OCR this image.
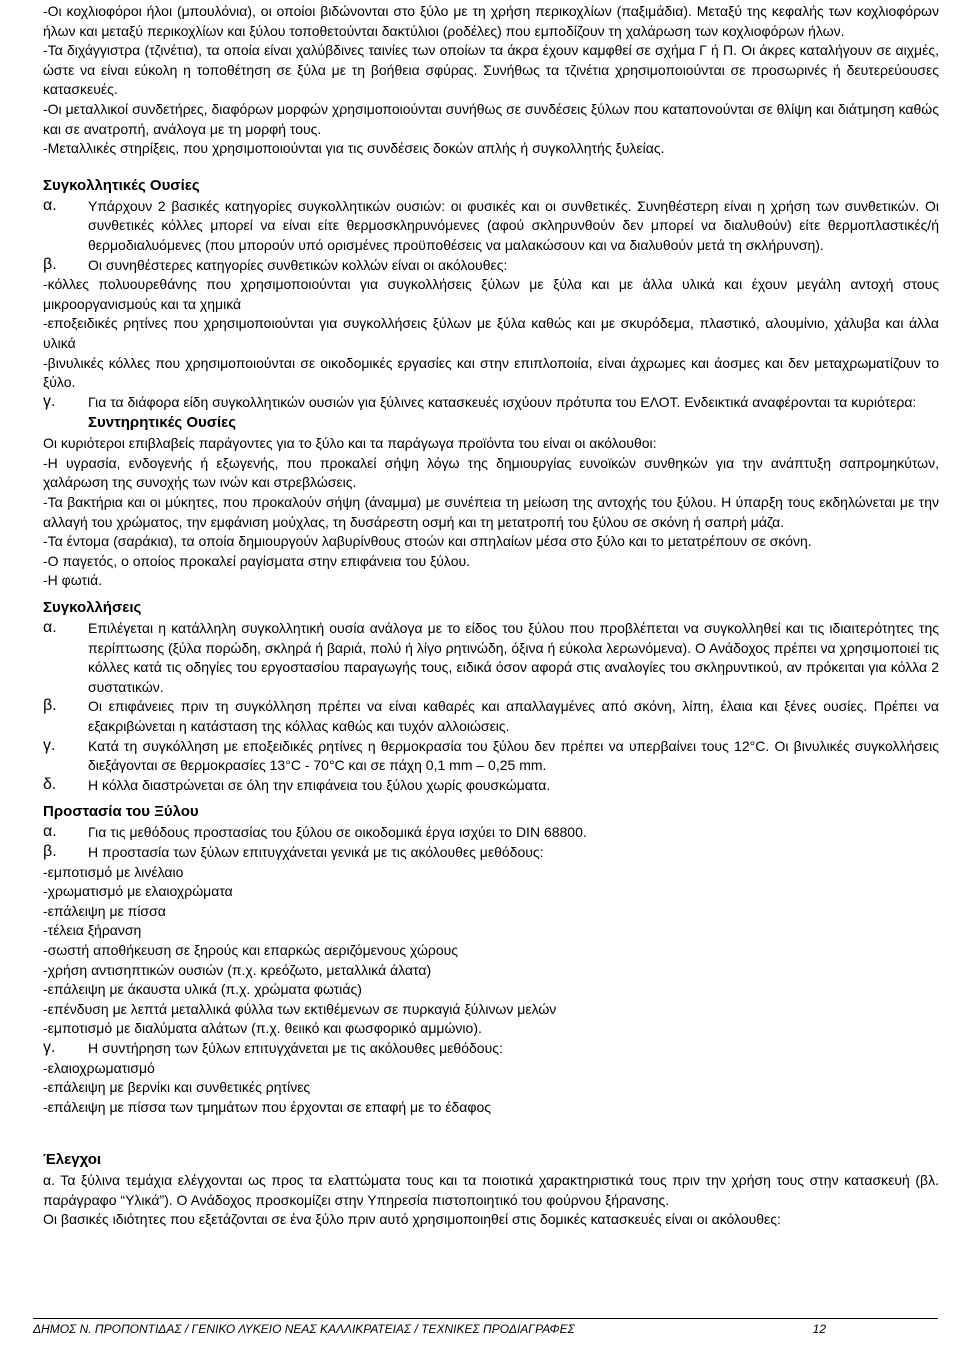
-Οι κοχλιοφόροι ήλοι (μπουλόνια), οι οποίοι βιδώνονται στο ξύλο με τη χρήση περικοχλίων (παξιμάδια). Μεταξύ της κεφαλής των κοχλιοφόρων ήλων και μεταξύ περικοχλίων και ξύλου τοποθετούνται δακτύλιοι (ροδέλες) που εμποδίζουν τη χαλάρωση των κοχλιοφόρων ήλων.

-Τα διχάγγιστρα (τζινέτια), τα οποία είναι χαλύβδινες ταινίες των οποίων τα άκρα έχουν καμφθεί σε σχήμα Γ ή Π. Οι άκρες καταλήγουν σε αιχμές, ώστε να είναι εύκολη η τοποθέτηση σε ξύλα με τη βοήθεια σφύρας. Συνήθως τα τζινέτια χρησιμοποιούνται σε προσωρινές ή δευτερεύουσες κατασκευές.

-Οι μεταλλικοί συνδετήρες, διαφόρων μορφών χρησιμοποιούνται συνήθως σε συνδέσεις ξύλων που καταπονούνται σε θλίψη και διάτμηση καθώς και σε ανατροπή, ανάλογα με τη μορφή τους.

-Μεταλλικές στηρίξεις, που χρησιμοποιούνται για τις συνδέσεις δοκών απλής ή συγκολλητής ξυλείας.

Συγκολλητικές Ουσίες
α.	Υπάρχουν 2 βασικές κατηγορίες συγκολλητικών ουσιών: οι φυσικές και οι συνθετικές. Συνηθέστερη είναι η χρήση των συνθετικών. Οι συνθετικές κόλλες μπορεί να είναι είτε θερμοσκληρυνόμενες (αφού σκληρυνθούν δεν μπορεί να διαλυθούν) είτε θερμοπλαστικές/ή θερμοδιαλυόμενες (που μπορούν υπό ορισμένες προϋποθέσεις να μαλακώσουν και να διαλυθούν μετά τη σκλήρυνση).

β.	Οι συνηθέστερες κατηγορίες συνθετικών κολλών είναι οι ακόλουθες:

-κόλλες πολυουρεθάνης που χρησιμοποιούνται για συγκολλήσεις ξύλων με ξύλα και με άλλα υλικά και έχουν μεγάλη αντοχή στους μικροοργανισμούς και τα χημικά

-εποξειδικές ρητίνες που χρησιμοποιούνται για συγκολλήσεις ξύλων με ξύλα καθώς και με σκυρόδεμα, πλαστικό, αλουμίνιο, χάλυβα και άλλα υλικά

-βινυλικές κόλλες που χρησιμοποιούνται σε οικοδομικές εργασίες και στην επιπλοποιία, είναι άχρωμες και άοσμες και δεν μεταχρωματίζουν το ξύλο.

γ.	Για τα διάφορα είδη συγκολλητικών ουσιών για ξύλινες κατασκευές ισχύουν πρότυπα του ΕΛΟΤ. Ενδεικτικά αναφέρονται τα κυριότερα:

Συντηρητικές Ουσίες

Οι κυριότεροι επιβλαβείς παράγοντες για το ξύλο και τα παράγωγα προϊόντα του είναι οι ακόλουθοι:

-Η υγρασία, ενδογενής ή εξωγενής, που προκαλεί σήψη λόγω της δημιουργίας ευνοϊκών συνθηκών για την ανάπτυξη σαπρομηκύτων, χαλάρωση της συνοχής των ινών και στρεβλώσεις.

-Τα βακτήρια και οι μύκητες, που προκαλούν σήψη (άναμμα) με συνέπεια τη μείωση της αντοχής του ξύλου. Η ύπαρξη τους εκδηλώνεται με την αλλαγή του χρώματος, την εμφάνιση μούχλας, τη δυσάρεστη οσμή και τη μετατροπή του ξύλου σε σκόνη ή σαπρή μάζα.

-Τα έντομα (σαράκια), τα οποία δημιουργούν λαβυρίνθους στοών και σπηλαίων μέσα στο ξύλο και το μετατρέπουν σε σκόνη.

-Ο παγετός, ο οποίος προκαλεί ραγίσματα στην επιφάνεια του ξύλου.

-Η φωτιά.

Συγκολλήσεις
α.	Επιλέγεται η κατάλληλη συγκολλητική ουσία ανάλογα με το είδος του ξύλου που προβλέπεται να συγκολληθεί και τις ιδιαιτερότητες της περίπτωσης (ξύλα πορώδη, σκληρά ή βαριά, πολύ ή λίγο ρητινώδη, όξινα ή εύκολα λερωνόμενα). Ο Ανάδοχος πρέπει να χρησιμοποιεί τις κόλλες κατά τις οδηγίες του εργοστασίου παραγωγής τους, ειδικά όσον αφορά στις αναλογίες του σκληρυντικού, αν πρόκειται για κόλλα 2 συστατικών.

β.	Οι επιφάνειες πριν τη συγκόλληση πρέπει να είναι καθαρές και απαλλαγμένες από σκόνη, λίπη, έλαια και ξένες ουσίες. Πρέπει να εξακριβώνεται η κατάσταση της κόλλας καθώς και τυχόν αλλοιώσεις.

γ.	Κατά τη συγκόλληση με εποξειδικές ρητίνες η θερμοκρασία του ξύλου δεν πρέπει να υπερβαίνει τους 12°C. Οι βινυλικές συγκολλήσεις διεξάγονται σε θερμοκρασίες 13°C - 70°C και σε πάχη 0,1 mm – 0,25 mm.

δ.	Η κόλλα διαστρώνεται σε όλη την επιφάνεια του ξύλου χωρίς φουσκώματα.

Προστασία του Ξύλου
α.	Για τις μεθόδους προστασίας του ξύλου σε οικοδομικά έργα ισχύει το DIN 68800.

β.	Η προστασία των ξύλων επιτυγχάνεται γενικά με τις ακόλουθες μεθόδους:

-εμποτισμό με λινέλαιο

-χρωματισμό με ελαιοχρώματα

-επάλειψη με πίσσα

-τέλεια ξήρανση

-σωστή αποθήκευση σε ξηρούς και επαρκώς αεριζόμενους χώρους

-χρήση αντισηπτικών ουσιών (π.χ. κρεόζωτο, μεταλλικά άλατα)

-επάλειψη με άκαυστα υλικά (π.χ. χρώματα φωτιάς)

-επένδυση με λεπτά μεταλλικά φύλλα των εκτιθέμενων σε πυρκαγιά ξύλινων μελών

-εμποτισμό με διαλύματα αλάτων (π.χ. θειικό και φωσφορικό αμμώνιο).

γ.	Η συντήρηση των ξύλων επιτυγχάνεται με τις ακόλουθες μεθόδους:

-ελαιοχρωματισμό

-επάλειψη με βερνίκι και συνθετικές ρητίνες

-επάλειψη με πίσσα των τμημάτων που έρχονται σε επαφή με το έδαφος

Έλεγχοι

α. Τα ξύλινα τεμάχια ελέγχονται ως προς τα ελαττώματα τους και τα ποιοτικά χαρακτηριστικά τους πριν την χρήση τους στην κατασκευή (βλ. παράγραφο “Υλικά”). Ο Ανάδοχος προσκομίζει στην Υπηρεσία πιστοποιητικό του φούρνου ξήρανσης.

Οι βασικές ιδιότητες που εξετάζονται σε ένα ξύλο πριν αυτό χρησιμοποιηθεί στις δομικές κατασκευές είναι οι ακόλουθες:

ΔΗΜΟΣ Ν. ΠΡΟΠΟΝΤΙΔΑΣ / ΓΕΝΙΚΟ ΛΥΚΕΙΟ ΝΕΑΣ ΚΑΛΛΙΚΡΑΤΕΙΑΣ / ΤΕΧΝΙΚΕΣ ΠΡΟΔΙΑΓΡΑΦΕΣ	12
